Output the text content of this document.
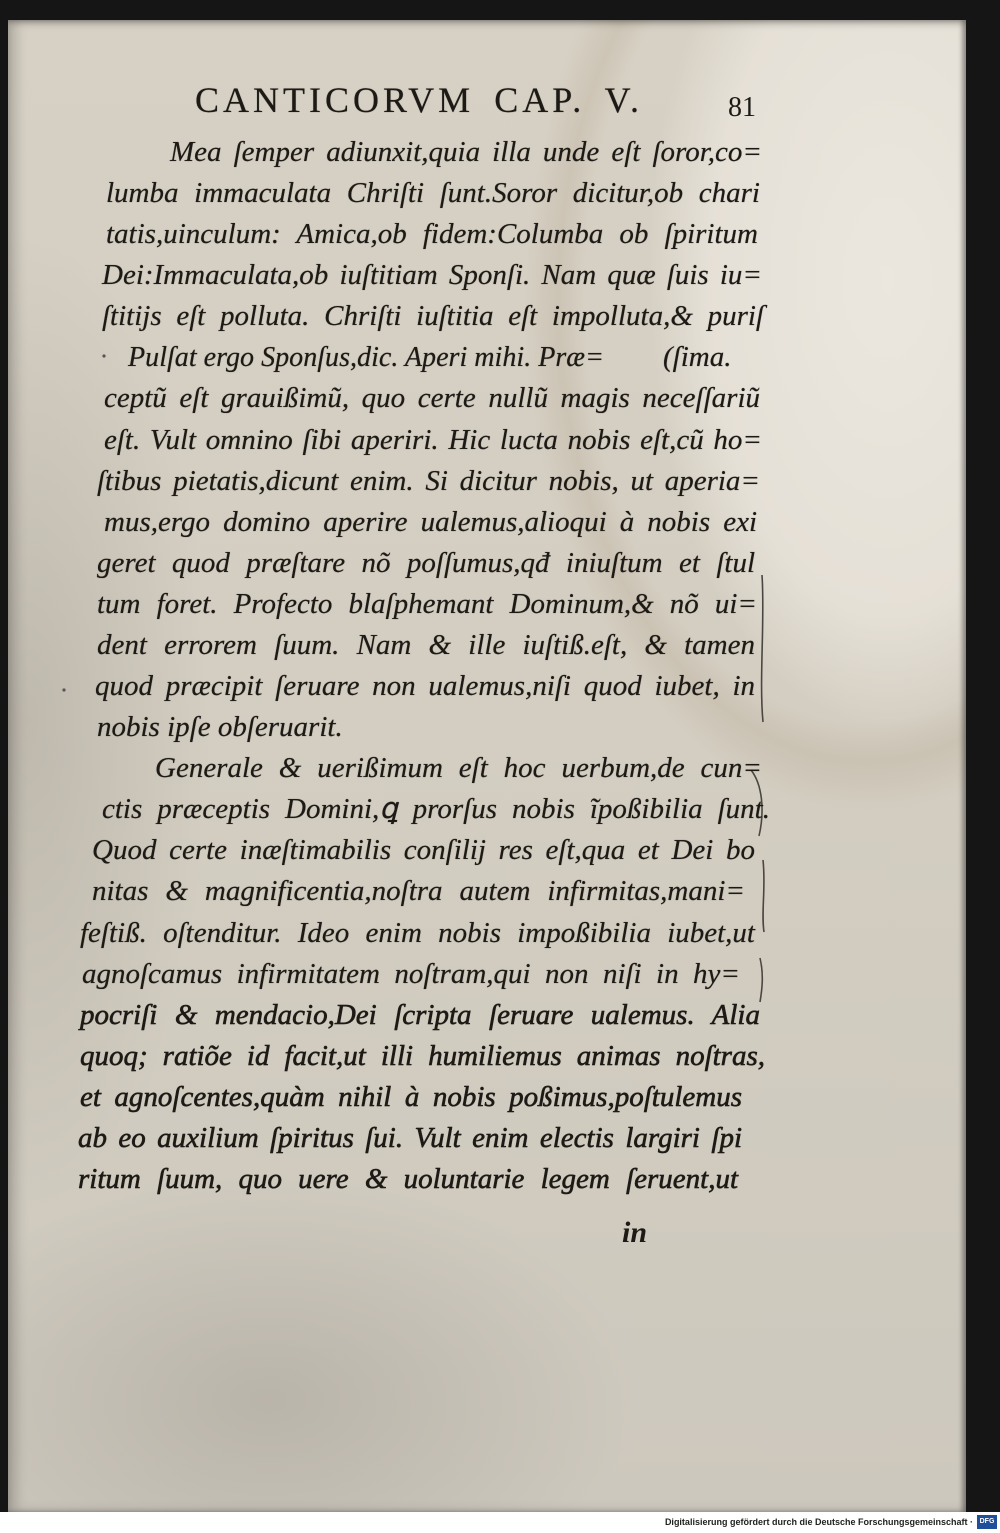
CANTICORVM CAP. V.	81
Mea ſemper adiunxit,quia illa unde eſt ſoror,co=
lumba immaculata Chriſti ſunt.Soror dicitur,ob chari
tatis,uinculum: Amica,ob fidem:Columba ob ſpiritum
Dei:Immaculata,ob iuſtitiam Sponſi. Nam quæ ſuis iu=
ſtitijs eſt polluta. Chriſti iuſtitia eſt impolluta,& puriſ
Pulſat ergo Sponſus,dic. Aperi mihi. Præ= (ſima.
ceptũ eſt grauißimũ, quo certe nullũ magis neceſſariũ
eſt. Vult omnino ſibi aperiri. Hic lucta nobis eſt,cũ ho=
ſtibus pietatis,dicunt enim. Si dicitur nobis, ut aperia=
mus,ergo domino aperire ualemus,alioqui à nobis exi
geret quod præſtare nõ poſſumus,qđ iniuſtum et ſtul
tum foret. Profecto blaſphemant Dominum,& nõ ui=
dent errorem ſuum. Nam & ille iuſtiß.eſt, & tamen
quod præcipit ſeruare non ualemus,niſi quod iubet, in
nobis ipſe obſeruarit.
Generale & uerißimum eſt hoc uerbum,de cun=
ctis præceptis Domini,ꝗ prorſus nobis ĩpoßibilia ſunt.
Quod certe inæſtimabilis conſilij res eſt,qua et Dei bo
nitas & magnificentia,noſtra autem infirmitas,mani=
feſtiß. oſtenditur. Ideo enim nobis impoßibilia iubet,ut
agnoſcamus infirmitatem noſtram,qui non niſi in hy=
pocriſi & mendacio,Dei ſcripta ſeruare ualemus. Alia
quoq; ratiõe id facit,ut illi humiliemus animas noſtras,
et agnoſcentes,quàm nihil à nobis poßimus,poſtulemus
ab eo auxilium ſpiritus ſui. Vult enim electis largiri ſpi
ritum ſuum, quo uere & uoluntarie legem ſeruent,ut
in
Digitalisierung gefördert durch die Deutsche Forschungsgemeinschaft · DFG
